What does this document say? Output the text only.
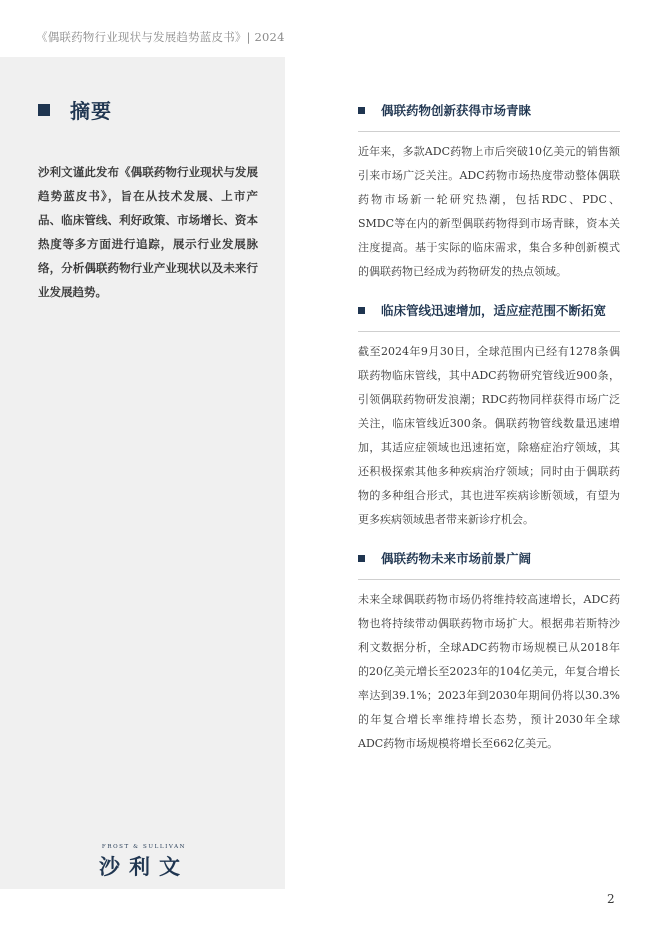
《偶联药物行业现状与发展趋势蓝皮书》| 2024
摘要
沙利文谨此发布《偶联药物行业现状与发展趋势蓝皮书》，旨在从技术发展、上市产品、临床管线、利好政策、市场增长、资本热度等多方面进行追踪，展示行业发展脉络，分析偶联药物行业产业现状以及未来行业发展趋势。
FROST & SULLIVAN
沙利文
偶联药物创新获得市场青睐
近年来，多款ADC药物上市后突破10亿美元的销售额引来市场广泛关注。ADC药物市场热度带动整体偶联药物市场新一轮研究热潮，包括RDC、PDC、SMDC等在内的新型偶联药物得到市场青睐，资本关注度提高。基于实际的临床需求，集合多种创新模式的偶联药物已经成为药物研发的热点领域。
临床管线迅速增加，适应症范围不断拓宽
截至2024年9月30日，全球范围内已经有1278条偶联药物临床管线，其中ADC药物研究管线近900条，引领偶联药物研发浪潮；RDC药物同样获得市场广泛关注，临床管线近300条。偶联药物管线数量迅速增加，其适应症领域也迅速拓宽，除癌症治疗领域，其还积极探索其他多种疾病治疗领域；同时由于偶联药物的多种组合形式，其也进军疾病诊断领域，有望为更多疾病领域患者带来新诊疗机会。
偶联药物未来市场前景广阔
未来全球偶联药物市场仍将维持较高速增长，ADC药物也将持续带动偶联药物市场扩大。根据弗若斯特沙利文数据分析，全球ADC药物市场规模已从2018年的20亿美元增长至2023年的104亿美元，年复合增长率达到39.1%；2023年到2030年期间仍将以30.3%的年复合增长率维持增长态势，预计2030年全球ADC药物市场规模将增长至662亿美元。
2
